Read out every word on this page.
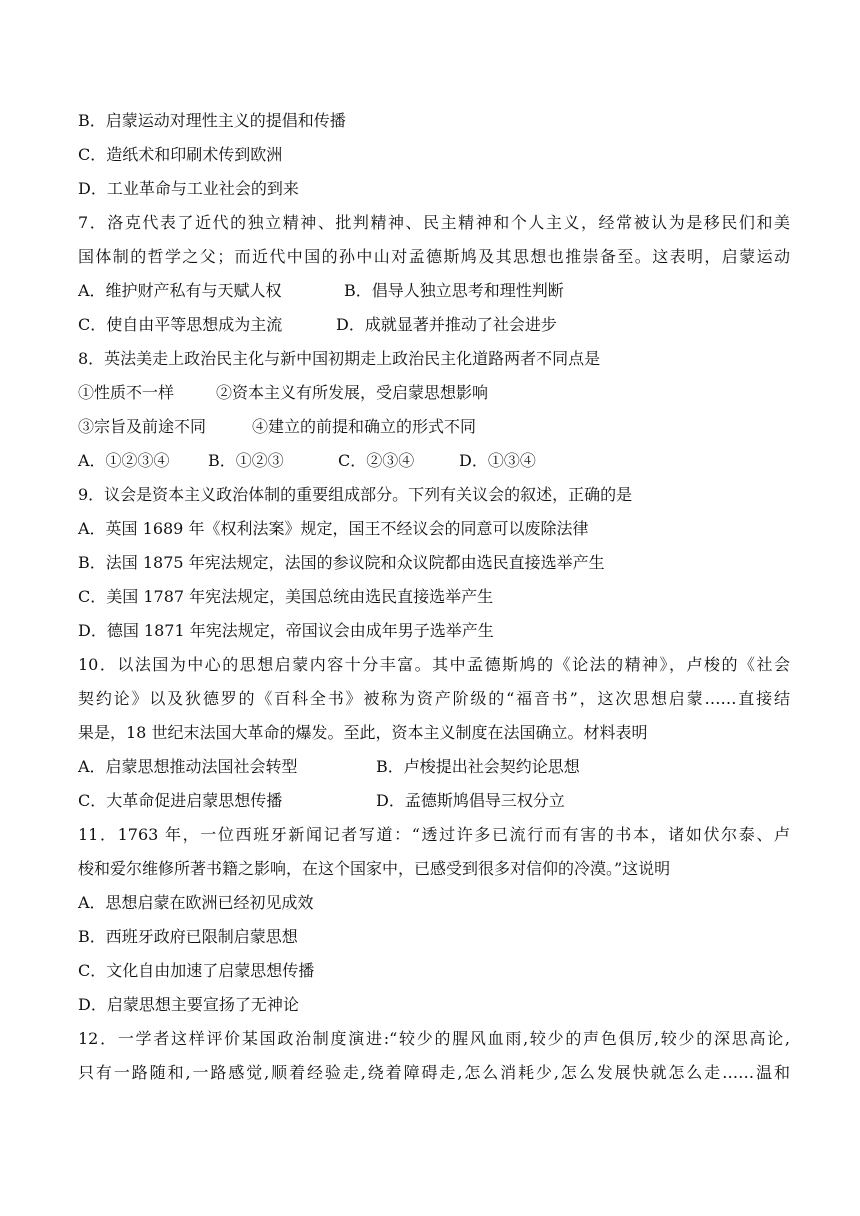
B．启蒙运动对理性主义的提倡和传播
C．造纸术和印刷术传到欧洲
D．工业革命与工业社会的到来
7．洛克代表了近代的独立精神、批判精神、民主精神和个人主义，经常被认为是移民们和美
国体制的哲学之父；而近代中国的孙中山对孟德斯鸠及其思想也推崇备至。这表明，启蒙运动
A．维护财产私有与天赋人权	B．倡导人独立思考和理性判断
C．使自由平等思想成为主流	D．成就显著并推动了社会进步
8．英法美走上政治民主化与新中国初期走上政治民主化道路两者不同点是
①性质不一样	②资本主义有所发展，受启蒙思想影响
③宗旨及前途不同	④建立的前提和确立的形式不同
A．①②③④	B．①②③	C．②③④	D．①③④
9．议会是资本主义政治体制的重要组成部分。下列有关议会的叙述，正确的是
A．英国 1689 年《权利法案》规定，国王不经议会的同意可以废除法律
B．法国 1875 年宪法规定，法国的参议院和众议院都由选民直接选举产生
C．美国 1787 年宪法规定，美国总统由选民直接选举产生
D．德国 1871 年宪法规定，帝国议会由成年男子选举产生
10．以法国为中心的思想启蒙内容十分丰富。其中孟德斯鸠的《论法的精神》，卢梭的《社会
契约论》以及狄德罗的《百科全书》被称为资产阶级的“福音书”，这次思想启蒙……直接结
果是，18 世纪末法国大革命的爆发。至此，资本主义制度在法国确立。材料表明
A．启蒙思想推动法国社会转型	B．卢梭提出社会契约论思想
C．大革命促进启蒙思想传播	D．孟德斯鸠倡导三权分立
11．1763 年，一位西班牙新闻记者写道：“透过许多已流行而有害的书本，诸如伏尔泰、卢
梭和爱尔维修所著书籍之影响，在这个国家中，已感受到很多对信仰的冷漠。”这说明
A．思想启蒙在欧洲已经初见成效
B．西班牙政府已限制启蒙思想
C．文化自由加速了启蒙思想传播
D．启蒙思想主要宣扬了无神论
12．一学者这样评价某国政治制度演进:“较少的腥风血雨,较少的声色俱厉,较少的深思高论,
只有一路随和,一路感觉,顺着经验走,绕着障碍走,怎么消耗少,怎么发展快就怎么走……温和
